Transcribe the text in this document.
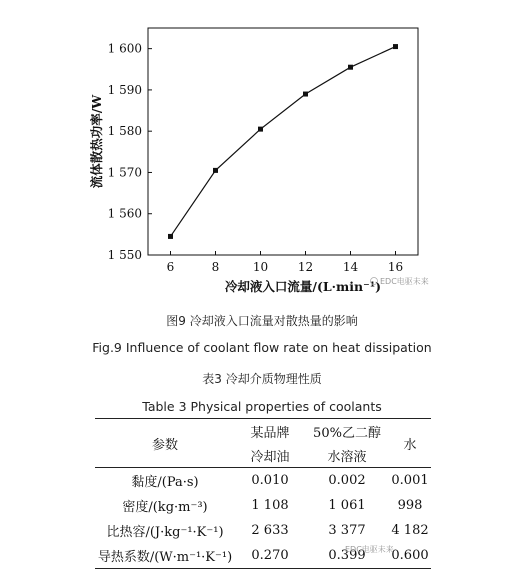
1 550
1 560
1 570
1 580
1 590
1 600
6	8	10 12 14 16
流体散热功率/W
冷却液入口流量/(L·min⁻¹)
EDC电驱未来
图9 冷却液入口流量对散热量的影响
Fig.9 Influence of coolant flow rate on heat dissipation
表3 冷却介质物理性质
Table 3 Physical properties of coolants
参数	某品牌	50%乙二醇	水
	冷却油	水溶液	
黏度/(Pa·s)	0.010	0.002	0.001
密度/(kg·m⁻³)	1 108	1 061	998
比热容/(J·kg⁻¹·K⁻¹)	2 633	3 377	4 182
导热系数/(W·m⁻¹·K⁻¹)	0.270	0.399	0.600
EDC电驱未来
